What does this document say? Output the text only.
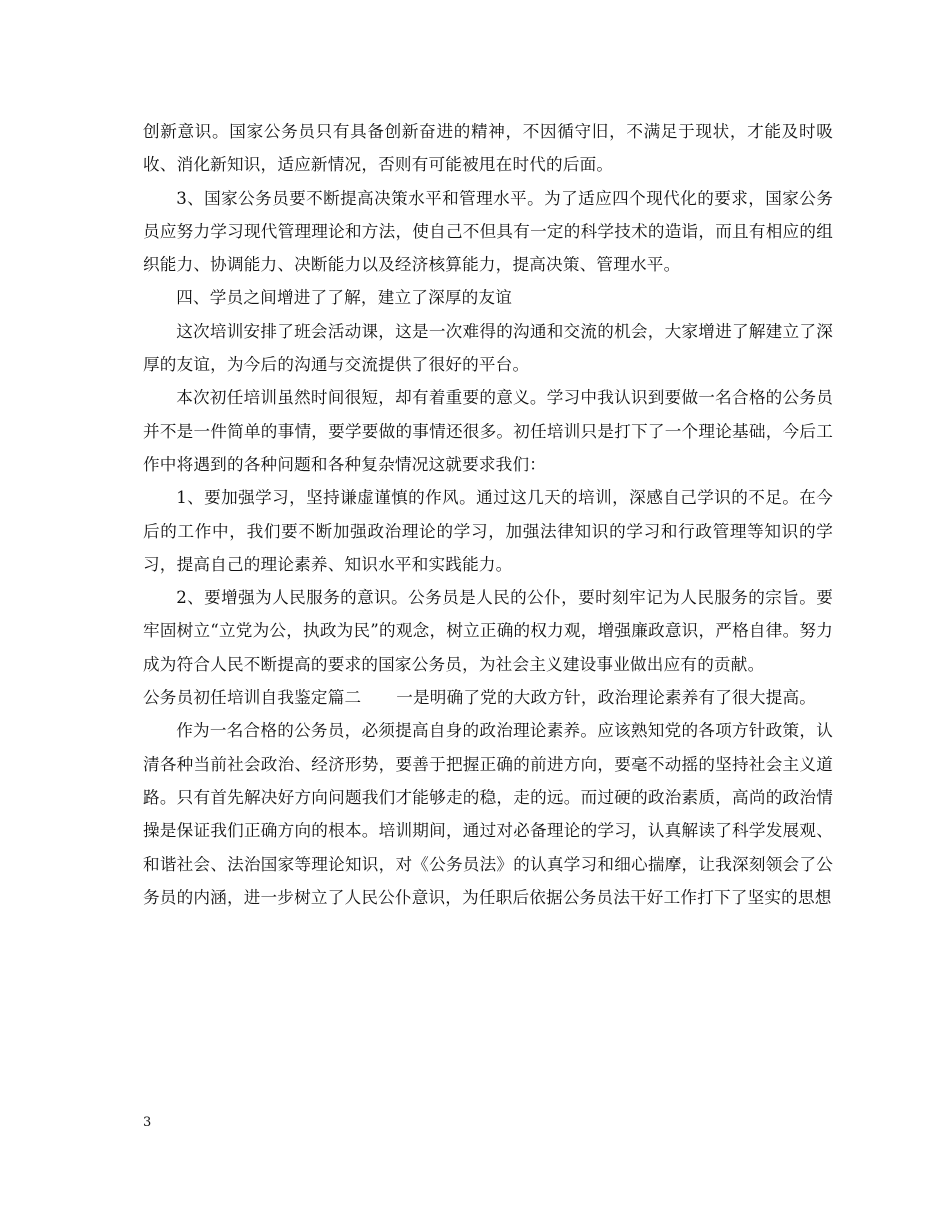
创新意识。国家公务员只有具备创新奋进的精神，不因循守旧，不满足于现状，才能及时吸收、消化新知识，适应新情况，否则有可能被甩在时代的后面。

3、国家公务员要不断提高决策水平和管理水平。为了适应四个现代化的要求，国家公务员应努力学习现代管理理论和方法，使自己不但具有一定的科学技术的造诣，而且有相应的组织能力、协调能力、决断能力以及经济核算能力，提高决策、管理水平。

四、学员之间增进了了解，建立了深厚的友谊

这次培训安排了班会活动课，这是一次难得的沟通和交流的机会，大家增进了解建立了深厚的友谊，为今后的沟通与交流提供了很好的平台。

本次初任培训虽然时间很短，却有着重要的意义。学习中我认识到要做一名合格的公务员并不是一件简单的事情，要学要做的事情还很多。初任培训只是打下了一个理论基础，今后工作中将遇到的各种问题和各种复杂情况这就要求我们：

1、要加强学习，坚持谦虚谨慎的作风。通过这几天的培训，深感自己学识的不足。在今后的工作中，我们要不断加强政治理论的学习，加强法律知识的学习和行政管理等知识的学习，提高自己的理论素养、知识水平和实践能力。

2、要增强为人民服务的意识。公务员是人民的公仆，要时刻牢记为人民服务的宗旨。要牢固树立“立党为公，执政为民”的观念，树立正确的权力观，增强廉政意识，严格自律。努力成为符合人民不断提高的要求的国家公务员，为社会主义建设事业做出应有的贡献。

公务员初任培训自我鉴定篇二 一是明确了党的大政方针，政治理论素养有了很大提高。

作为一名合格的公务员，必须提高自身的政治理论素养。应该熟知党的各项方针政策，认清各种当前社会政治、经济形势，要善于把握正确的前进方向，要毫不动摇的坚持社会主义道路。只有首先解决好方向问题我们才能够走的稳，走的远。而过硬的政治素质，高尚的政治情操是保证我们正确方向的根本。培训期间，通过对必备理论的学习，认真解读了科学发展观、和谐社会、法治国家等理论知识，对《公务员法》的认真学习和细心揣摩，让我深刻领会了公务员的内涵，进一步树立了人民公仆意识，为任职后依据公务员法干好工作打下了坚实的思想

3
